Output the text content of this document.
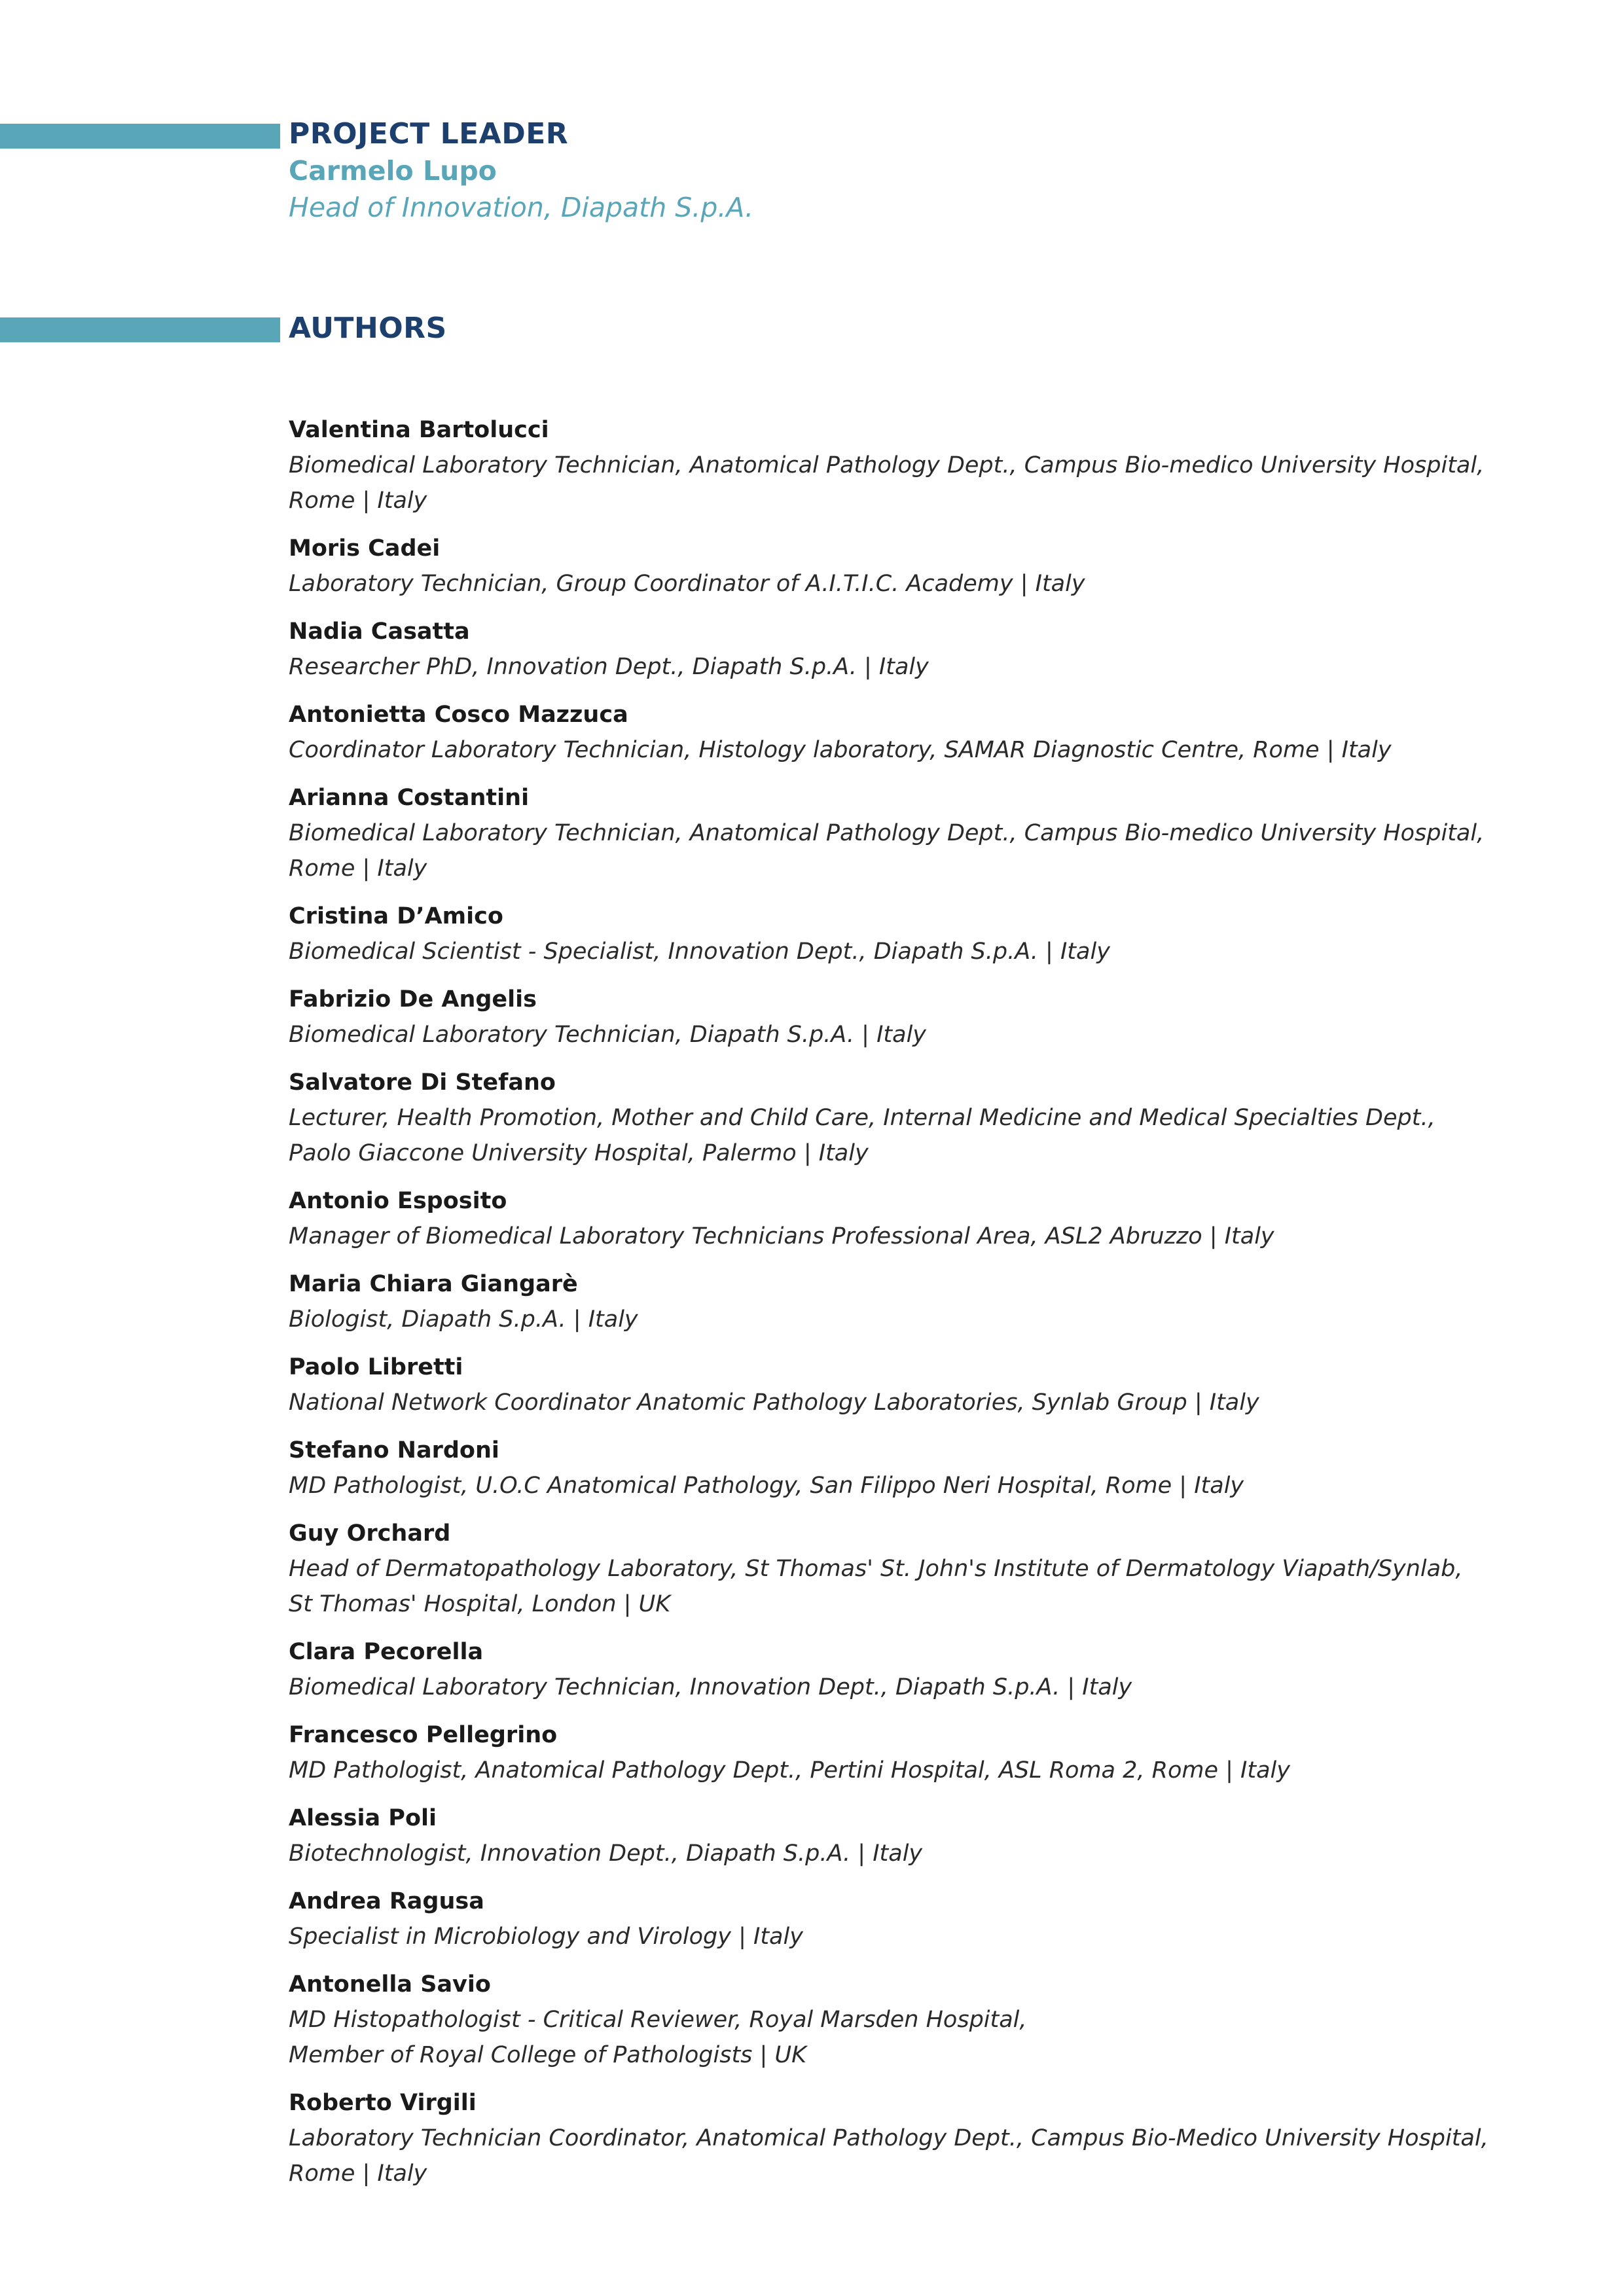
PROJECT LEADER
Carmelo Lupo
Head of Innovation, Diapath S.p.A.
AUTHORS
Valentina Bartolucci
Biomedical Laboratory Technician, Anatomical Pathology Dept., Campus Bio-medico University Hospital,
Rome | Italy
Moris Cadei
Laboratory Technician, Group Coordinator of A.I.T.I.C. Academy | Italy
Nadia Casatta
Researcher PhD, Innovation Dept., Diapath S.p.A. | Italy
Antonietta Cosco Mazzuca
Coordinator Laboratory Technician, Histology laboratory, SAMAR Diagnostic Centre, Rome | Italy
Arianna Costantini
Biomedical Laboratory Technician, Anatomical Pathology Dept., Campus Bio-medico University Hospital,
Rome | Italy
Cristina D’Amico
Biomedical Scientist - Specialist, Innovation Dept., Diapath S.p.A. | Italy
Fabrizio De Angelis
Biomedical Laboratory Technician, Diapath S.p.A. | Italy
Salvatore Di Stefano
Lecturer, Health Promotion, Mother and Child Care, Internal Medicine and Medical Specialties Dept.,
Paolo Giaccone University Hospital, Palermo | Italy
Antonio Esposito
Manager of Biomedical Laboratory Technicians Professional Area, ASL2 Abruzzo | Italy
Maria Chiara Giangarè
Biologist, Diapath S.p.A. | Italy
Paolo Libretti
National Network Coordinator Anatomic Pathology Laboratories, Synlab Group | Italy
Stefano Nardoni
MD Pathologist, U.O.C Anatomical Pathology, San Filippo Neri Hospital, Rome | Italy
Guy Orchard
Head of Dermatopathology Laboratory, St Thomas' St. John's Institute of Dermatology Viapath/Synlab,
St Thomas' Hospital, London | UK
Clara Pecorella
Biomedical Laboratory Technician, Innovation Dept., Diapath S.p.A. | Italy
Francesco Pellegrino
MD Pathologist, Anatomical Pathology Dept., Pertini Hospital, ASL Roma 2, Rome | Italy
Alessia Poli
Biotechnologist, Innovation Dept., Diapath S.p.A. | Italy
Andrea Ragusa
Specialist in Microbiology and Virology | Italy
Antonella Savio
MD Histopathologist - Critical Reviewer, Royal Marsden Hospital,
Member of Royal College of Pathologists | UK
Roberto Virgili
Laboratory Technician Coordinator, Anatomical Pathology Dept., Campus Bio-Medico University Hospital,
Rome | Italy
